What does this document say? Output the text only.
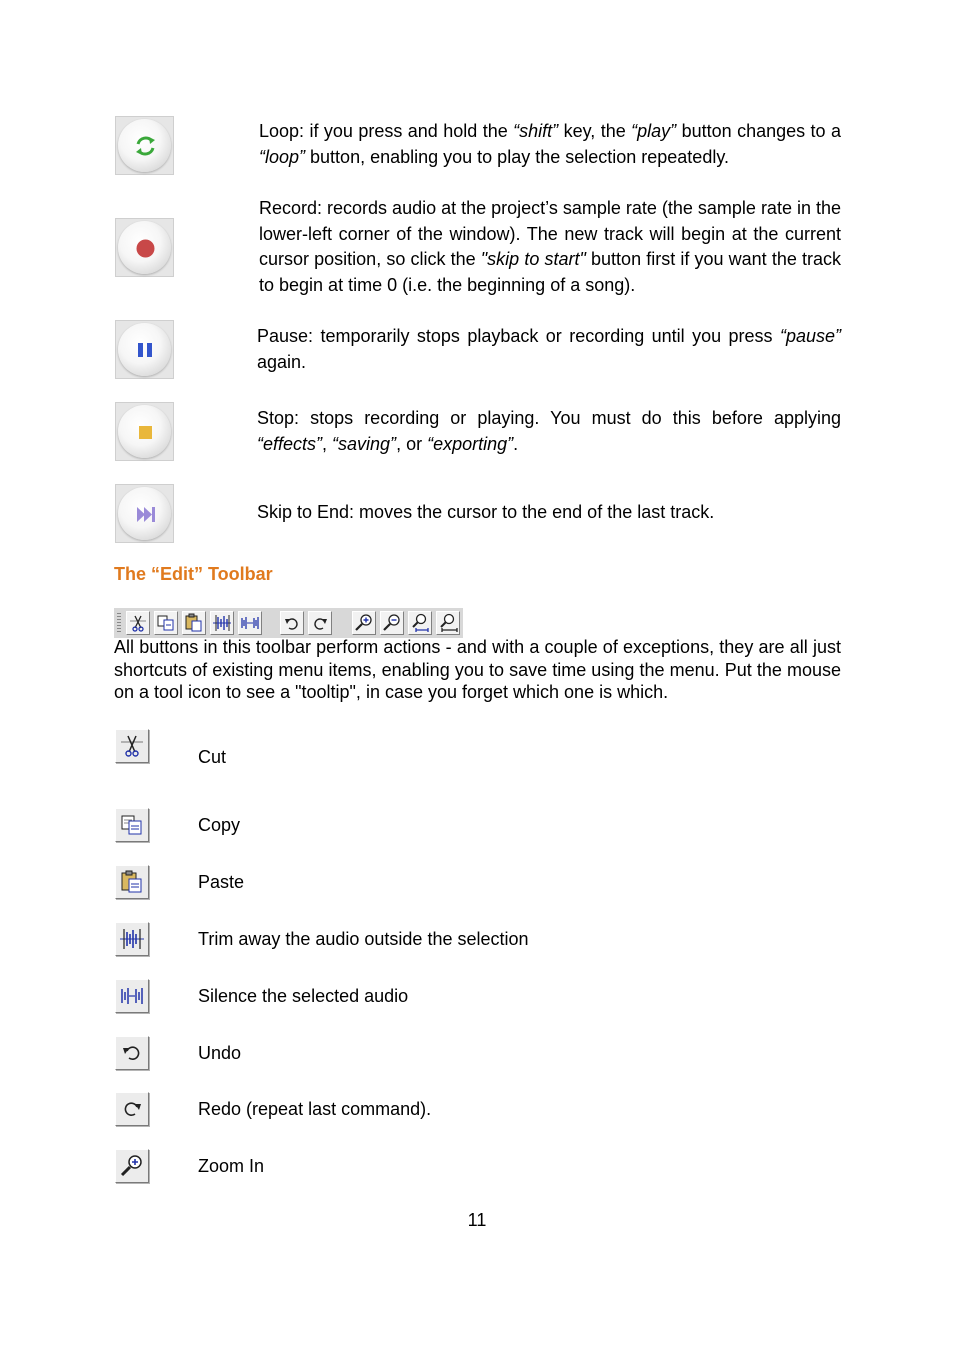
Loop: if you press and hold the “shift” key, the “play” button changes to a “loop” button, enabling you to play the selection repeatedly.
Record: records audio at the project’s sample rate (the sample rate in the lower-left corner of the window). The new track will begin at the current cursor position, so click the "skip to start" button first if you want the track to begin at time 0 (i.e. the beginning of a song).
Pause: temporarily stops playback or recording until you press “pause” again.
Stop: stops recording or playing. You must do this before applying “effects”, “saving”, or “exporting”.
Skip to End: moves the cursor to the end of the last track.
The “Edit” Toolbar
All buttons in this toolbar perform actions - and with a couple of exceptions, they are all just shortcuts of existing menu items, enabling you to save time using the menu. Put the mouse on a tool icon to see a "tooltip", in case you forget which one is which.
Cut
Copy
Paste
Trim away the audio outside the selection
Silence the selected audio
Undo
Redo (repeat last command).
Zoom In
11
